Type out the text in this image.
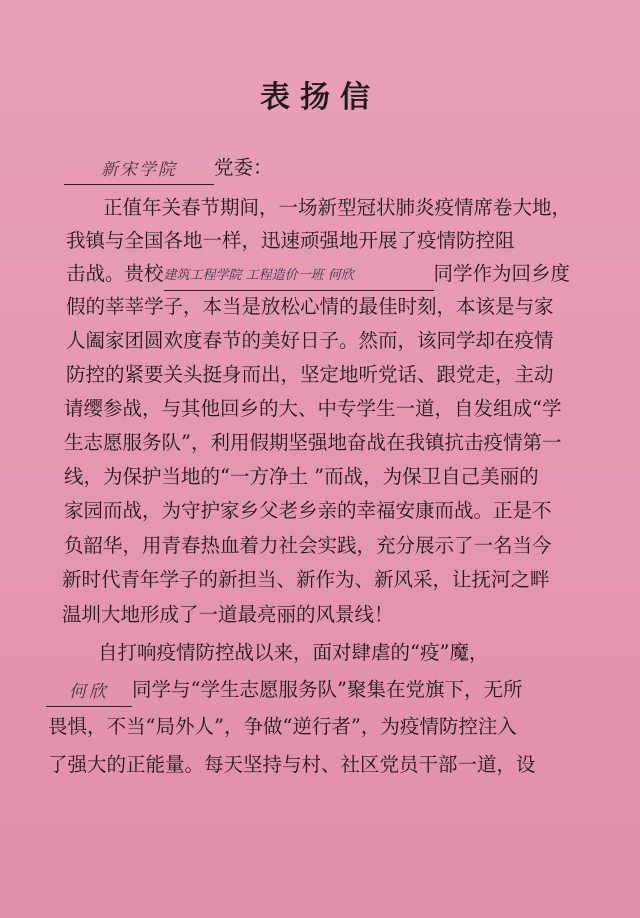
表扬信
新宋学院 党委：
正值年关春节期间，一场新型冠状肺炎疫情席卷大地，
我镇与全国各地一样，迅速顽强地开展了疫情防控阻
击战。贵校建筑工程学院 工程造价一班 何欣	同学作为回乡度
假的莘莘学子，本当是放松心情的最佳时刻，本该是与家
人阖家团圆欢度春节的美好日子。然而，该同学却在疫情
防控的紧要关头挺身而出，坚定地听党话、跟党走，主动
请缨参战，与其他回乡的大、中专学生一道，自发组成“学
生志愿服务队”，利用假期坚强地奋战在我镇抗击疫情第一
线，为保护当地的“一方净土 ”而战，为保卫自己美丽的
家园而战，为守护家乡父老乡亲的幸福安康而战。正是不
负韶华，用青春热血着力社会实践，充分展示了一名当今
新时代青年学子的新担当、新作为、新风采，让抚河之畔
温圳大地形成了一道最亮丽的风景线！
自打响疫情防控战以来，面对肆虐的“疫”魔，
何欣 同学与“学生志愿服务队”聚集在党旗下，无所
畏惧，不当“局外人”，争做“逆行者”，为疫情防控注入
了强大的正能量。每天坚持与村、社区党员干部一道，设
